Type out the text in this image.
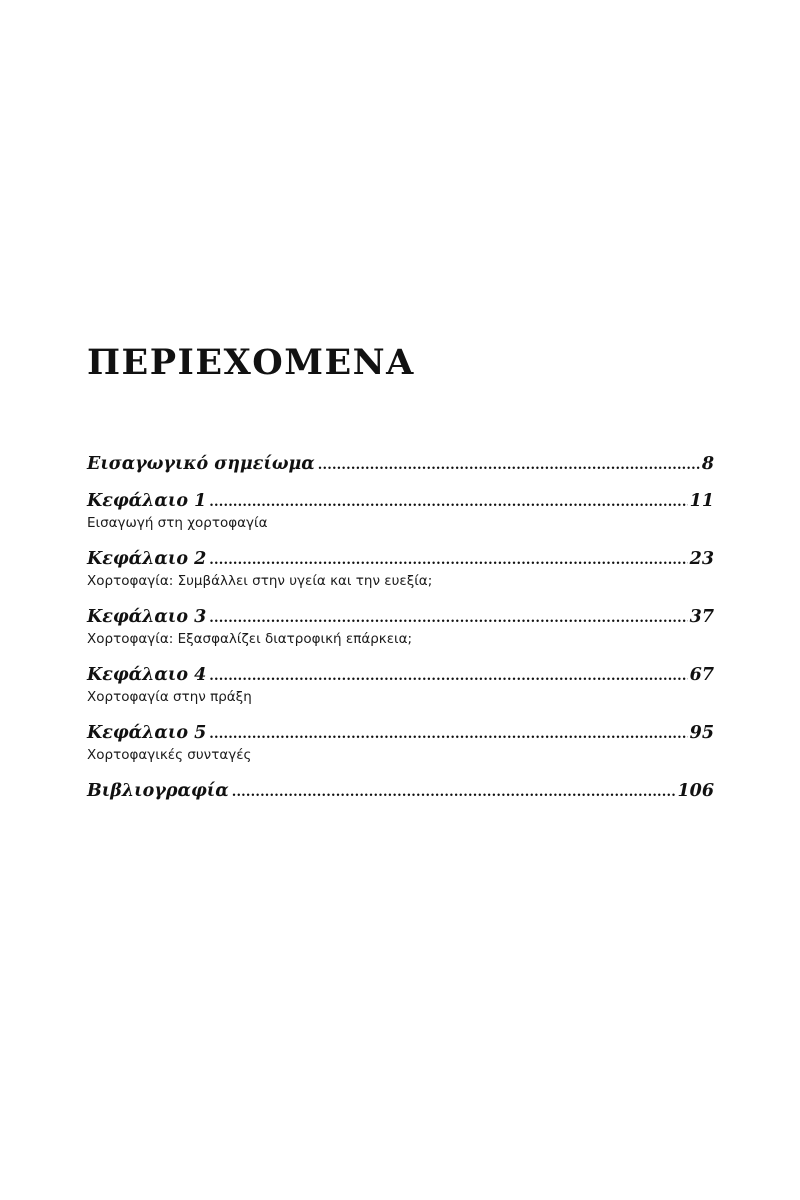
ΠΕΡΙΕΧΟΜΕΝΑ
Εισαγωγικό σημείωμα .....	8
Κεφάλαιο 1 .....	11
Εισαγωγή στη χορτοφαγία
Κεφάλαιο 2 .....	23
Χορτοφαγία: Συμβάλλει στην υγεία και την ευεξία;
Κεφάλαιο 3 .....	37
Χορτοφαγία: Εξασφαλίζει διατροφική επάρκεια;
Κεφάλαιο 4 .....	67
Χορτοφαγία στην πράξη
Κεφάλαιο 5 .....	95
Χορτοφαγικές συνταγές
Βιβλιογραφία .....	106
